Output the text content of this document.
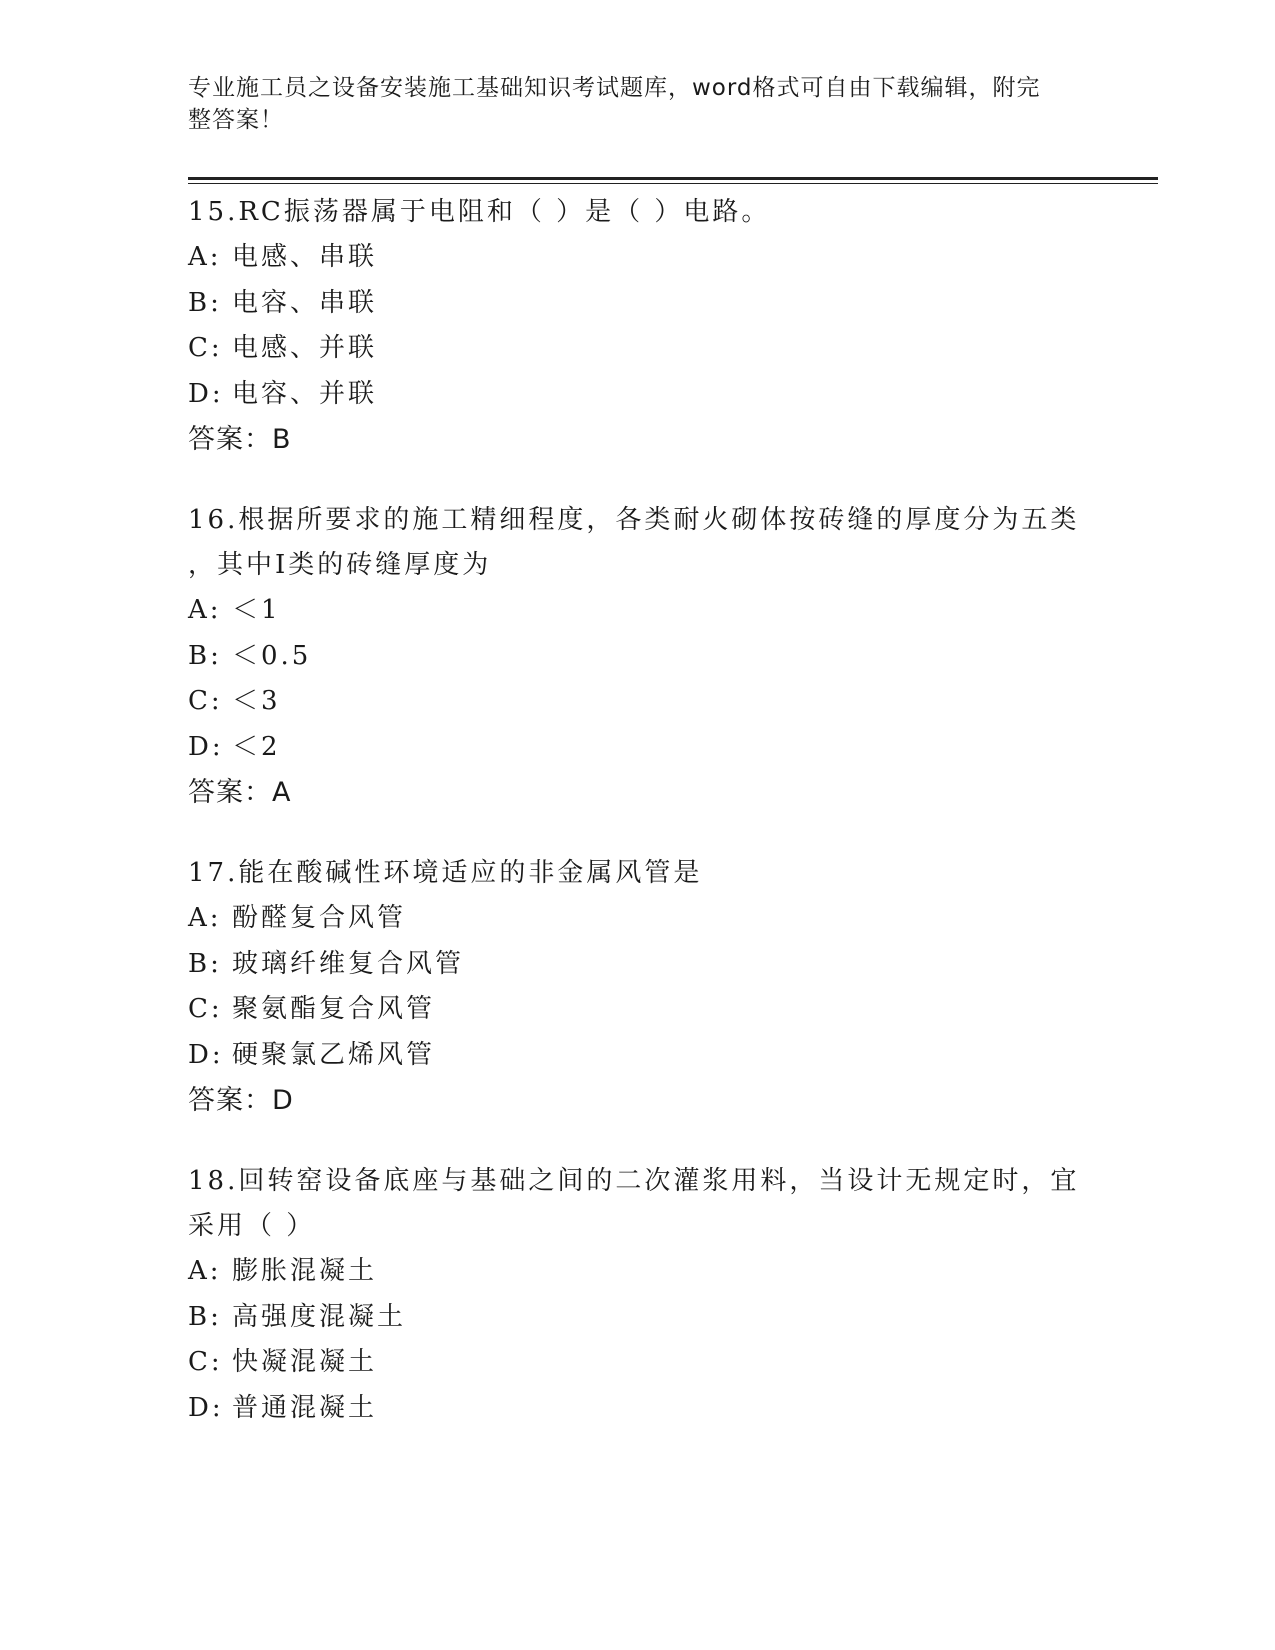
专业施工员之设备安装施工基础知识考试题库，word格式可自由下载编辑，附完
整答案！
15.RC振荡器属于电阻和（ ）是（ ）电路。
A: 电感、串联
B: 电容、串联
C: 电感、并联
D: 电容、并联
答案：B
16.根据所要求的施工精细程度，各类耐火砌体按砖缝的厚度分为五类
，其中Ⅰ类的砖缝厚度为
A: ＜1
B: ＜0.5
C: ＜3
D: ＜2
答案：A
17.能在酸碱性环境适应的非金属风管是
A: 酚醛复合风管
B: 玻璃纤维复合风管
C: 聚氨酯复合风管
D: 硬聚氯乙烯风管
答案：D
18.回转窑设备底座与基础之间的二次灌浆用料，当设计无规定时，宜
采用（ ）
A: 膨胀混凝土
B: 高强度混凝土
C: 快凝混凝土
D: 普通混凝土
